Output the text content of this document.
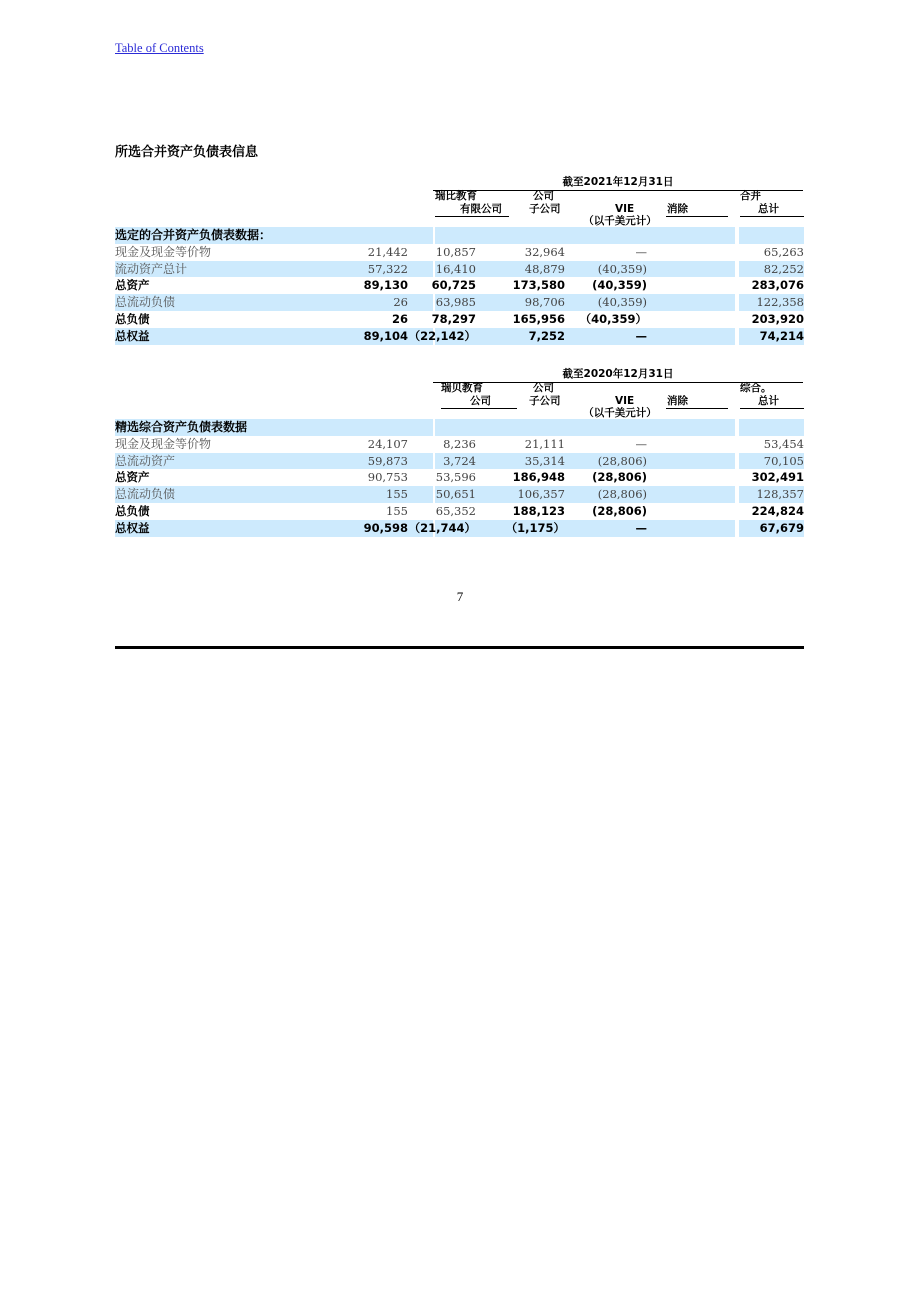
Table of Contents
所选合并资产负债表信息
截至2021年12月31日
瑞比教育
有限公司
公司
子公司	VIE	消除
合并
总计
（以千美元计）
选定的合并资产负债表数据：
现金及现金等价物	21,442 10,857	32,964	—	65,263
流动资产总计	57,322 16,410	48,879	(40,359)	82,252
总资产	89,130 60,725	173,580 (40,359)	283,076
总流动负债	26 63,985	98,706	(40,359)	122,358
总负债	26 78,297	165,956 （40,359）	203,920
总权益	89,104 （22,142）	7,252	—	74,214
截至2020年12月31日
瑞贝教育
公司
公司
子公司	VIE	消除
综合。
总计
（以千美元计）
精选综合资产负债表数据
现金及现金等价物	24,107	8,236	21,111	—	53,454
总流动资产	59,873	3,724	35,314	(28,806)	70,105
总资产	90,753 53,596	186,948 (28,806)	302,491
总流动负债	155 50,651	106,357	(28,806)	128,357
总负债	155 65,352	188,123 (28,806)	224,824
总权益	90,598 （21,744）	（1,175）	—	67,679
7
